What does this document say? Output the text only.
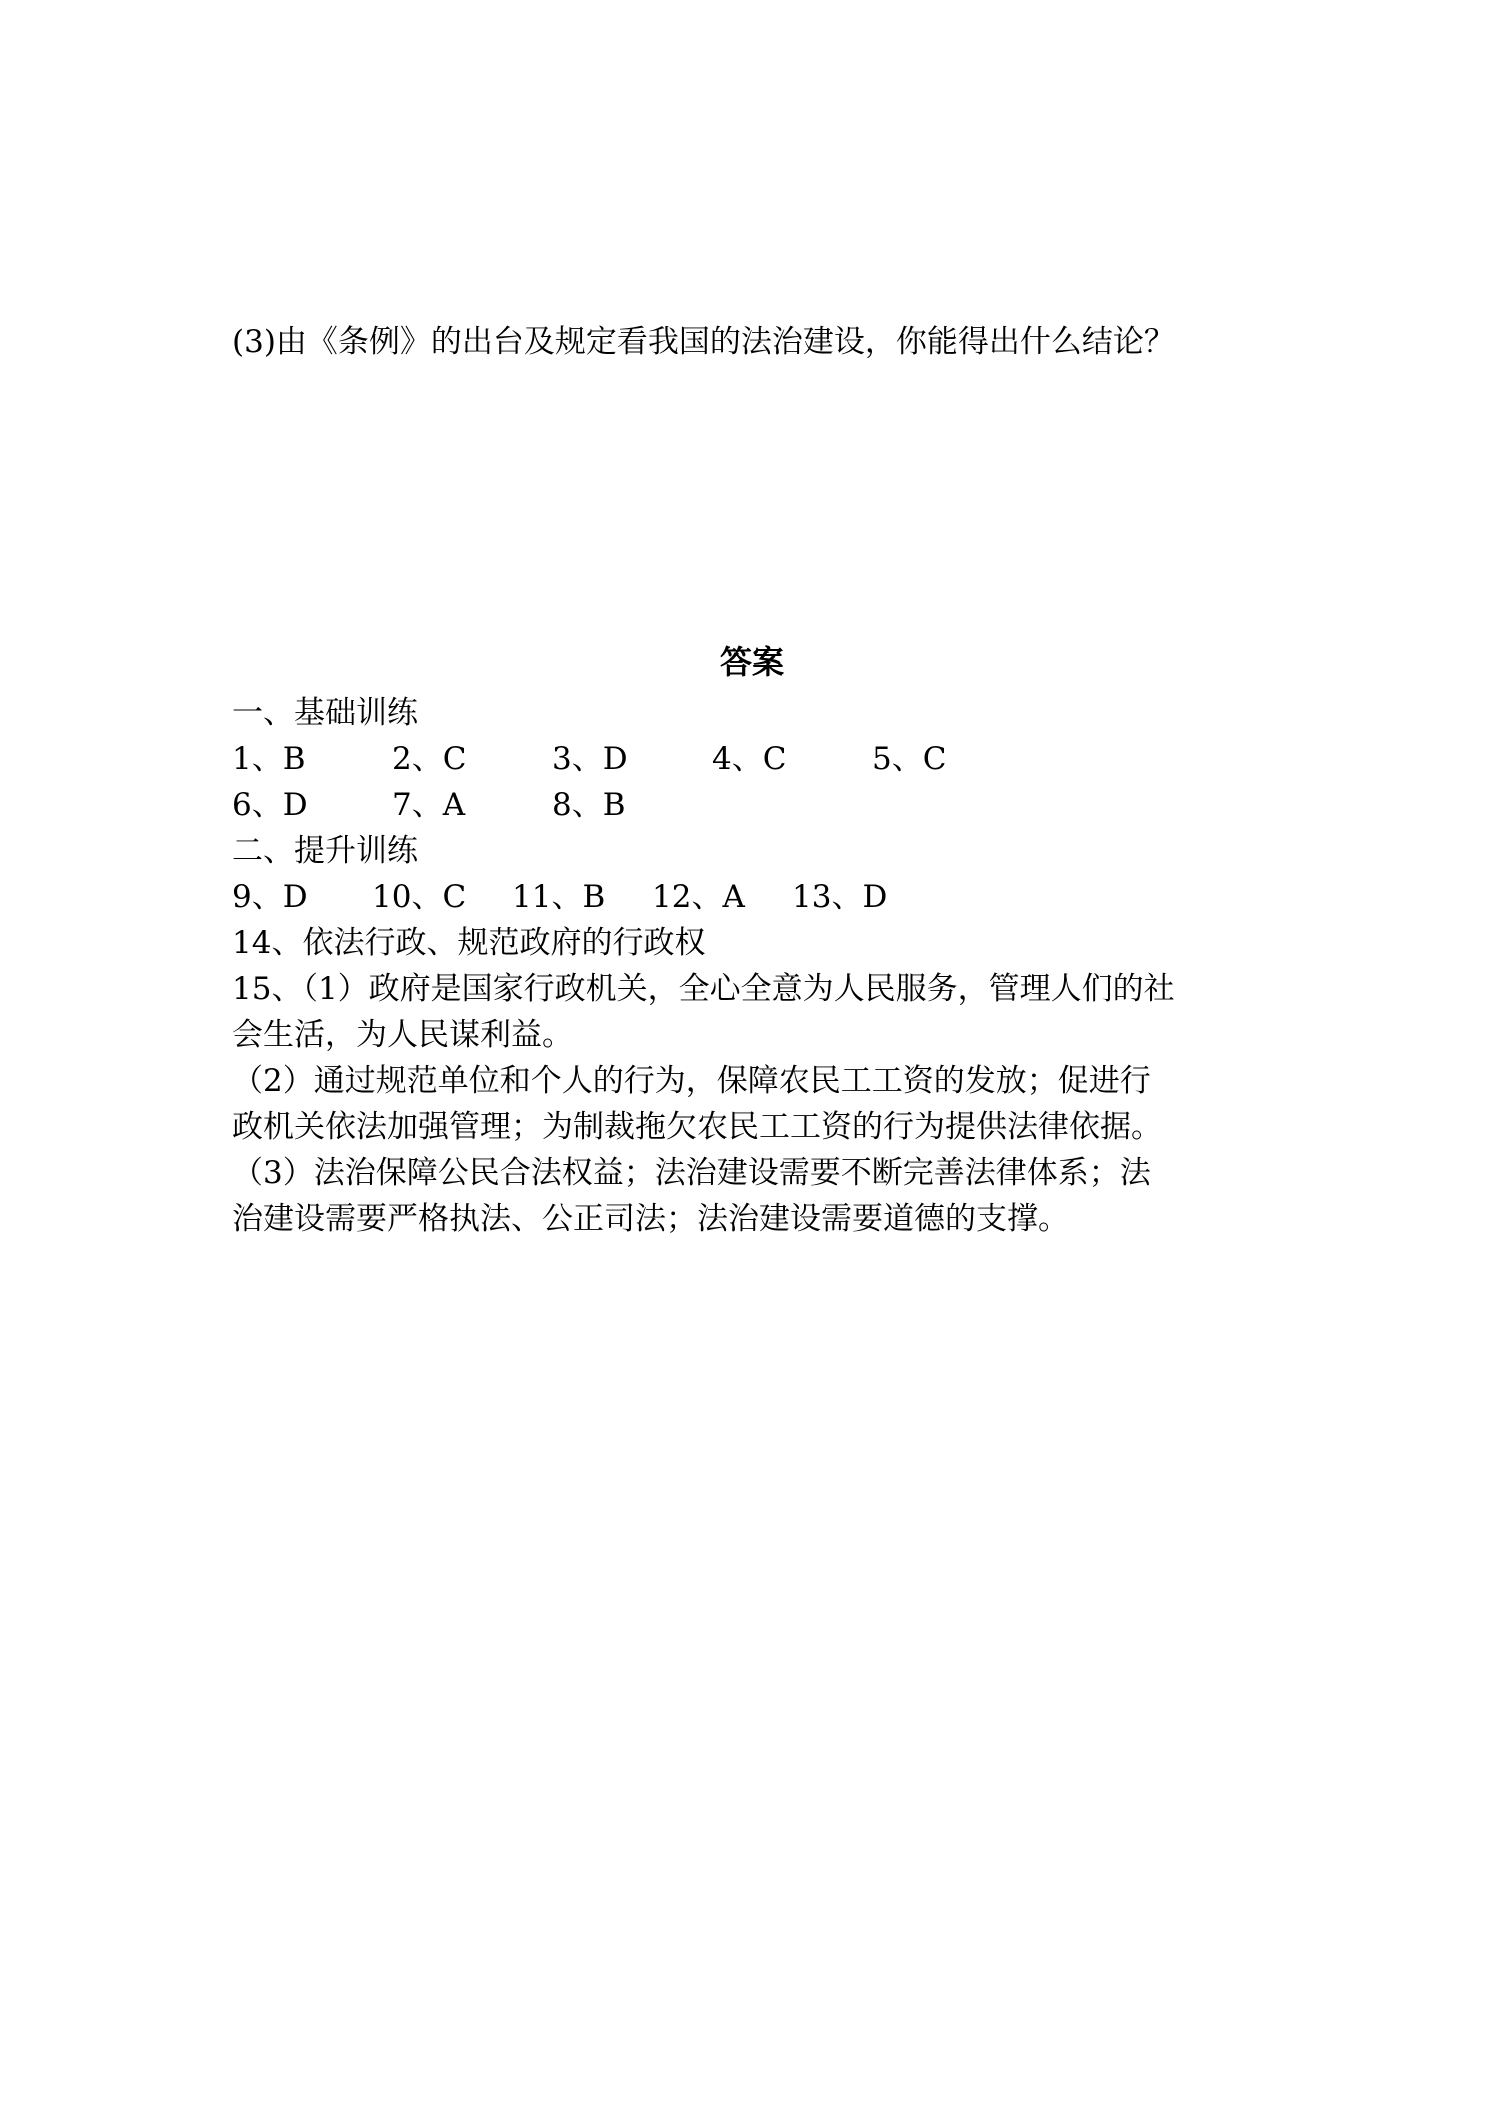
(3)由《条例》的出台及规定看我国的法治建设，你能得出什么结论？
答案
一、基础训练
1、B	2、C	3、D	4、C	5、C
6、D	7、A	8、B
二、提升训练
9、D	10、C	11、B	12、A	13、D
14、依法行政、规范政府的行政权
15、（1）政府是国家行政机关，全心全意为人民服务，管理人们的社
会生活，为人民谋利益。
（2）通过规范单位和个人的行为，保障农民工工资的发放；促进行
政机关依法加强管理；为制裁拖欠农民工工资的行为提供法律依据。
（3）法治保障公民合法权益；法治建设需要不断完善法律体系；法
治建设需要严格执法、公正司法；法治建设需要道德的支撑。
